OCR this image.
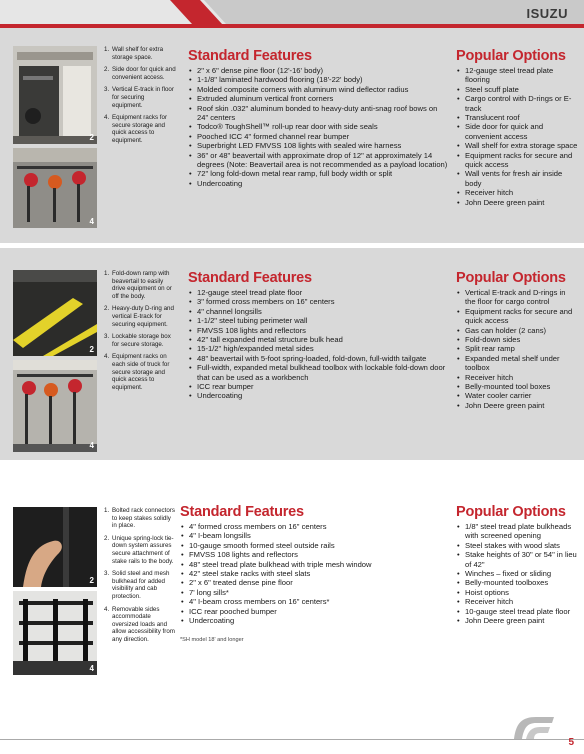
ISUZU
2
4
1. Wall shelf for extra storage space.
2. Side door for quick and convenient access.
3. Vertical E-track in floor for securing equipment.
4. Equipment racks for secure storage and quick access to equipment.
Standard Features
• 2" x 6" dense pine floor (12'-16' body)
• 1-1/8" laminated hardwood flooring (18'-22' body)
• Molded composite corners with aluminum wind deflector radius
• Extruded aluminum vertical front corners
• Roof skin .032" aluminum bonded to heavy-duty anti-snag roof bows on 24" centers
• Todco® ToughShell™ roll-up rear door with side seals
• Pooched ICC 4" formed channel rear bumper
• Superbright LED FMVSS 108 lights with sealed wire harness
• 36" or 48" beavertail with approximate drop of 12" at approximately 14 degrees (Note: Beavertail area is not recommended as a payload location)
• 72" long fold-down metal rear ramp, full body width or split
• Undercoating
Popular Options
• 12-gauge steel tread plate flooring
• Steel scuff plate
• Cargo control with D-rings or E-track
• Translucent roof
• Side door for quick and convenient access
• Wall shelf for extra storage space
• Equipment racks for secure and quick access
• Wall vents for fresh air inside body
• Receiver hitch
• John Deere green paint
2
4
1. Fold-down ramp with beavertail to easily drive equipment on or off the body.
2. Heavy-duty D-ring and vertical E-track for securing equipment.
3. Lockable storage box for secure storage.
4. Equipment racks on each side of truck for secure storage and quick access to equipment.
Standard Features
• 12-gauge steel tread plate floor
• 3" formed cross members on 16" centers
• 4" channel longsills
• 1-1/2" steel tubing perimeter wall
• FMVSS 108 lights and reflectors
• 42" tall expanded metal structure bulk head
• 15-1/2" high/expanded metal sides
• 48" beavertail with 5-foot spring-loaded, fold-down, full-width tailgate
• Full-width, expanded metal bulkhead toolbox with lockable fold-down door that can be used as a workbench
• ICC rear bumper
• Undercoating
Popular Options
• Vertical E-track and D-rings in the floor for cargo control
• Equipment racks for secure and quick access
• Gas can holder (2 cans)
• Fold-down sides
• Split rear ramp
• Expanded metal shelf under toolbox
• Receiver hitch
• Belly-mounted tool boxes
• Water cooler carrier
• John Deere green paint
2
4
1. Bolted rack connectors to keep stakes solidly in place.
2. Unique spring-lock tie-down system assures secure attachment of stake rails to the body.
3. Solid steel and mesh bulkhead for added visibility and cab protection.
4. Removable sides accommodate oversized loads and allow accessibility from any direction.
Standard Features
• 4" formed cross members on 16" centers
• 4" I-beam longsills
• 10-gauge smooth formed steel outside rails
• FMVSS 108 lights and reflectors
• 48" steel tread plate bulkhead with triple mesh window
• 42" steel stake racks with steel slats
• 2" x 6" treated dense pine floor
• 7' long sills*
• 4" I-beam cross members on 16" centers*
• ICC rear pooched bumper
• Undercoating
*SH model 18' and longer
Popular Options
• 1/8" steel tread plate bulkheads with screened opening
• Steel stakes with wood slats
• Stake heights of 30" or 54" in lieu of 42"
• Winches – fixed or sliding
• Belly-mounted toolboxes
• Hoist options
• Receiver hitch
• 10-gauge steel tread plate floor
• John Deere green paint
5
